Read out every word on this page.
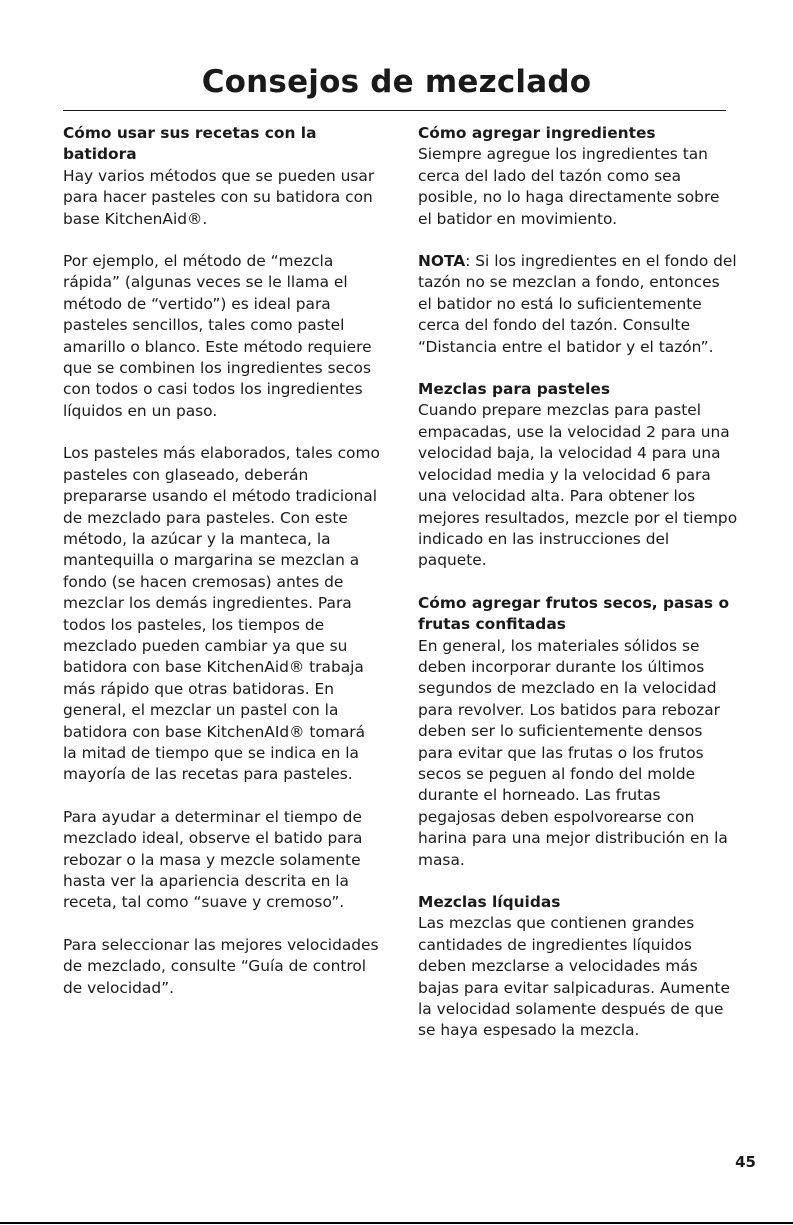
Consejos de mezclado
Cómo usar sus recetas con la batidora

Hay varios métodos que se pueden usar para hacer pasteles con su batidora con base KitchenAid®.

Por ejemplo, el método de “mezcla rápida” (algunas veces se le llama el método de “vertido”) es ideal para pasteles sencillos, tales como pastel amarillo o blanco. Este método requiere que se combinen los ingredientes secos con todos o casi todos los ingredientes líquidos en un paso.

Los pasteles más elaborados, tales como pasteles con glaseado, deberán prepararse usando el método tradicional de mezclado para pasteles. Con este método, la azúcar y la manteca, la mantequilla o margarina se mezclan a fondo (se hacen cremosas) antes de mezclar los demás ingredientes. Para todos los pasteles, los tiempos de mezclado pueden cambiar ya que su batidora con base KitchenAid® trabaja más rápido que otras batidoras. En general, el mezclar un pastel con la batidora con base KitchenAId® tomará la mitad de tiempo que se indica en la mayoría de las recetas para pasteles.

Para ayudar a determinar el tiempo de mezclado ideal, observe el batido para rebozar o la masa y mezcle solamente hasta ver la apariencia descrita en la receta, tal como “suave y cremoso”.

Para seleccionar las mejores velocidades de mezclado, consulte “Guía de control de velocidad”.

Cómo agregar ingredientes

Siempre agregue los ingredientes tan cerca del lado del tazón como sea posible, no lo haga directamente sobre el batidor en movimiento.

NOTA: Si los ingredientes en el fondo del tazón no se mezclan a fondo, entonces el batidor no está lo suficientemente cerca del fondo del tazón. Consulte “Distancia entre el batidor y el tazón”.

Mezclas para pasteles

Cuando prepare mezclas para pastel empacadas, use la velocidad 2 para una velocidad baja, la velocidad 4 para una velocidad media y la velocidad 6 para una velocidad alta. Para obtener los mejores resultados, mezcle por el tiempo indicado en las instrucciones del paquete.

Cómo agregar frutos secos, pasas o frutas confitadas

En general, los materiales sólidos se deben incorporar durante los últimos segundos de mezclado en la velocidad para revolver. Los batidos para rebozar deben ser lo suficientemente densos para evitar que las frutas o los frutos secos se peguen al fondo del molde durante el horneado. Las frutas pegajosas deben espolvorearse con harina para una mejor distribución en la masa.

Mezclas líquidas

Las mezclas que contienen grandes cantidades de ingredientes líquidos deben mezclarse a velocidades más bajas para evitar salpicaduras. Aumente la velocidad solamente después de que se haya espesado la mezcla.

45
